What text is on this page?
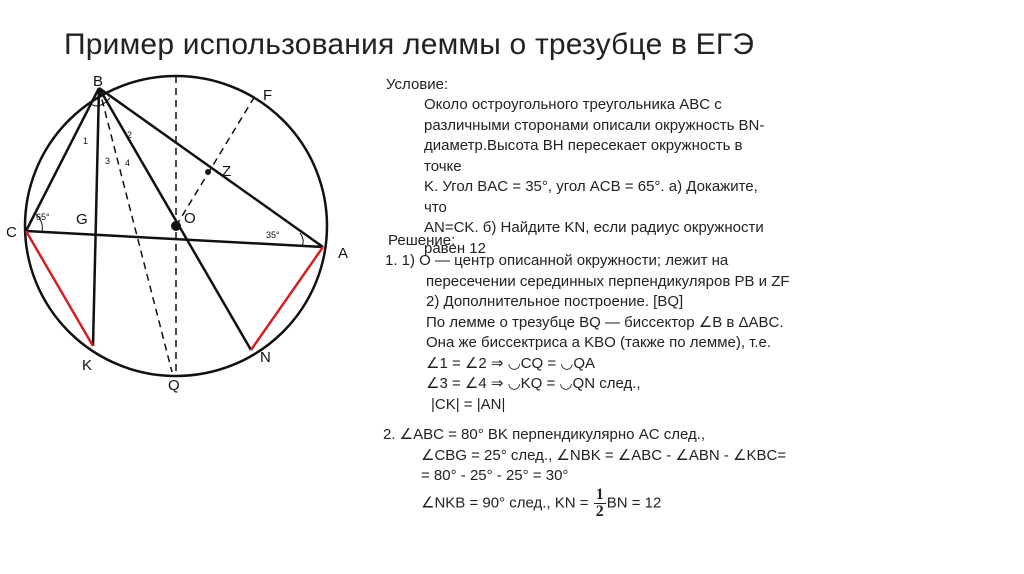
Пример использования леммы о трезубце в ЕГЭ
B
F
Z
C
G	O
A
K	N
Q
1
2
3 4
65°
35°
Условие:
Около остроугольного треугольника ABC с
различными сторонами описали окружность BN-
диаметр.Высота BH пересекает окружность в точке
K. Угол BAC = 35°, угол ACB = 65°. а) Докажите, что
AN=CK. б) Найдите KN, если радиус окружности
равен 12
Решение:
1. 1) O — центр описанной окружности; лежит на
пересечении серединных перпендикуляров PB и ZF
2) Дополнительное построение. [BQ]
По лемме о трезубце BQ — биссектор ∠B в ΔABC.
Она же биссектриса а KBO (также по лемме), т.е.
∠1 = ∠2 ⇒ ◡CQ = ◡QA
∠3 = ∠4 ⇒ ◡KQ = ◡QN след.,
|CK| = |AN|
2. ∠ABC = 80° BK перпендикулярно AC след.,
∠CBG = 25° след., ∠NBK = ∠ABC - ∠ABN - ∠KBC=
= 80° - 25° - 25° = 30°
∠NKB = 90° след., KN = $\frac{1}{2}$ BN = 12
